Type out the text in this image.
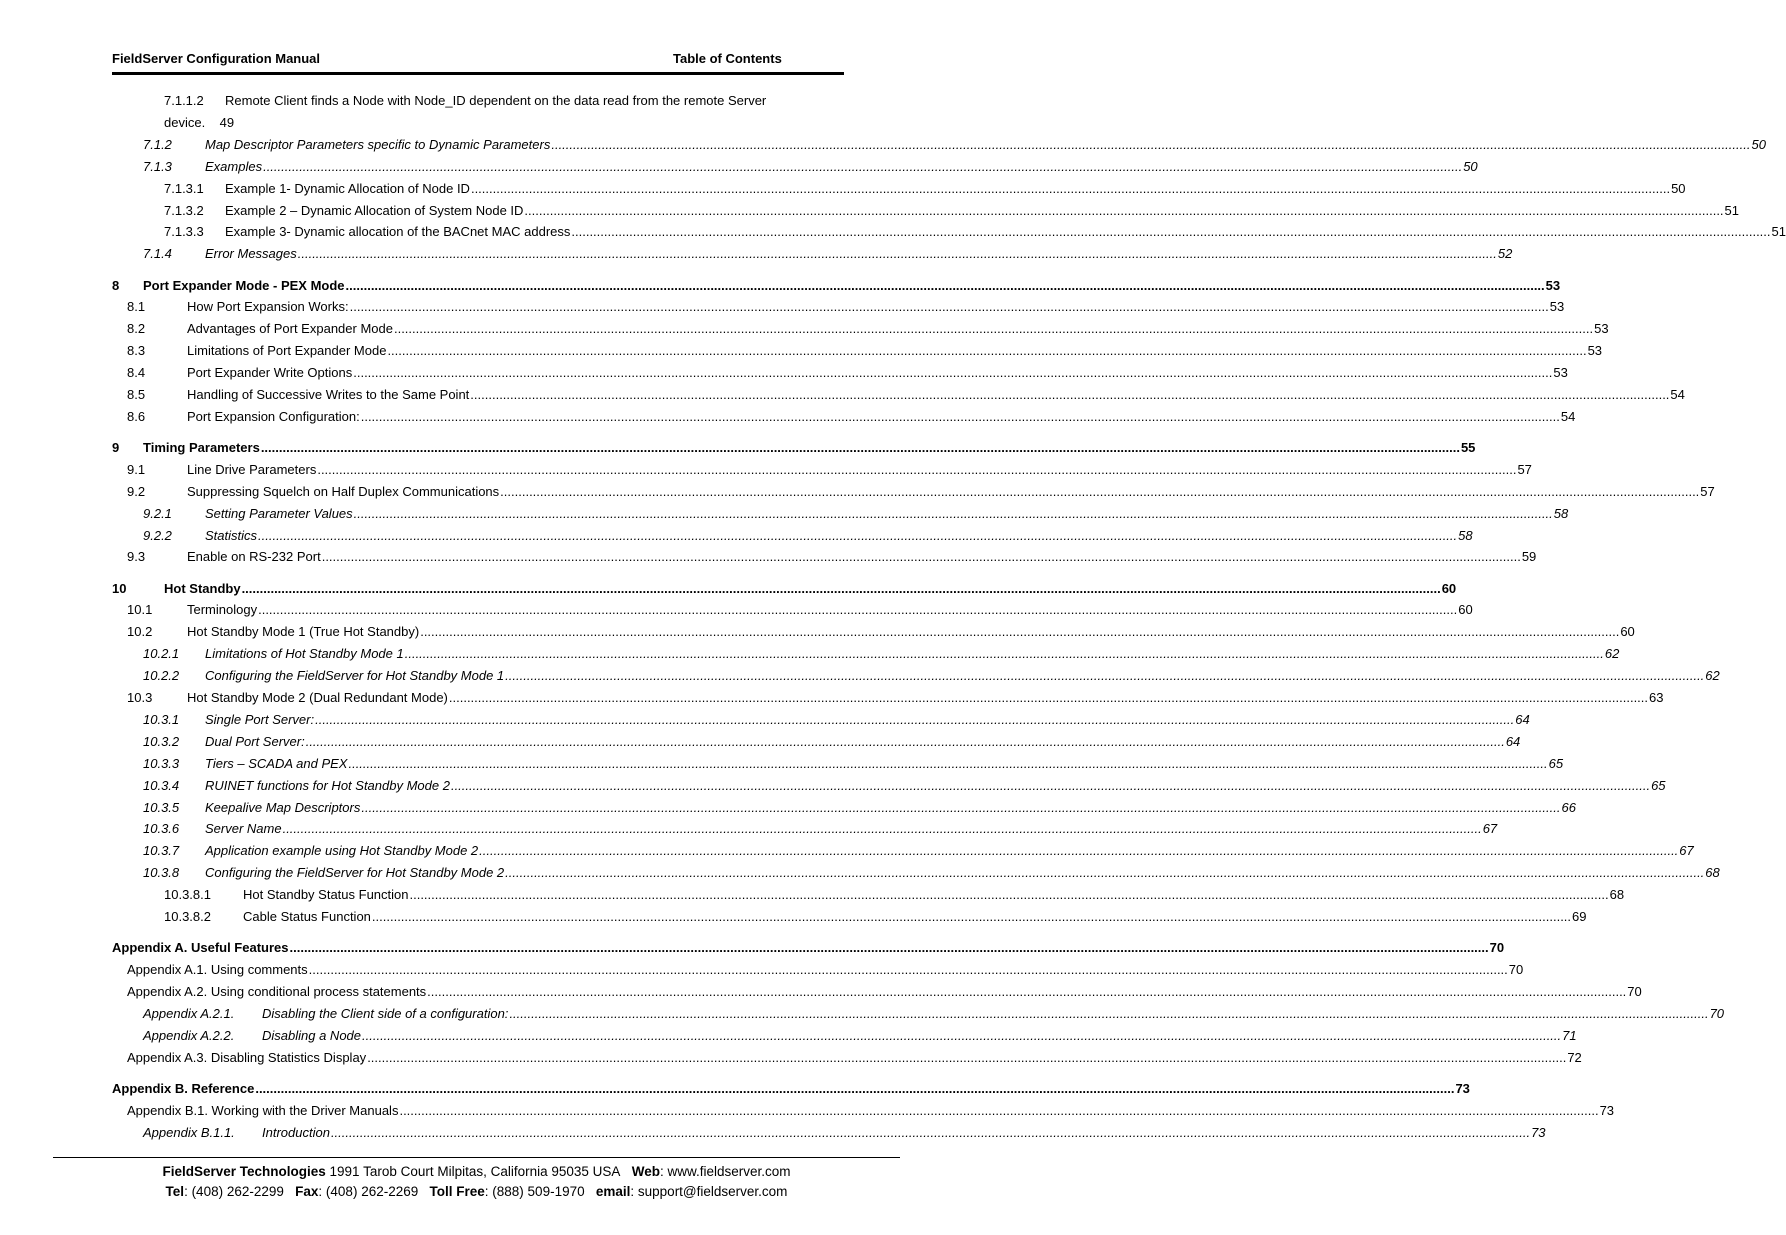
FieldServer Configuration Manual	Table of Contents
7.1.1.2 Remote Client finds a Node with Node_ID dependent on the data read from the remote Server device. 49
7.1.2	Map Descriptor Parameters specific to Dynamic Parameters .....	50
7.1.3	Examples .....	50
7.1.3.1	Example 1- Dynamic Allocation of Node ID .....	50
7.1.3.2	Example 2 – Dynamic Allocation of System Node ID .....	51
7.1.3.3	Example 3- Dynamic allocation of the BACnet MAC address .....	51
7.1.4	Error Messages .....	52
8	Port Expander Mode - PEX Mode .....	53
8.1	How Port Expansion Works: .....	53
8.2	Advantages of Port Expander Mode .....	53
8.3	Limitations of Port Expander Mode .....	53
8.4	Port Expander Write Options .....	53
8.5	Handling of Successive Writes to the Same Point .....	54
8.6	Port Expansion Configuration: .....	54
9	Timing Parameters .....	55
9.1	Line Drive Parameters .....	57
9.2	Suppressing Squelch on Half Duplex Communications .....	57
9.2.1	Setting Parameter Values .....	58
9.2.2	Statistics .....	58
9.3	Enable on RS-232 Port .....	59
10	Hot Standby .....	60
10.1	Terminology .....	60
10.2	Hot Standby Mode 1 (True Hot Standby) .....	60
10.2.1	Limitations of Hot Standby Mode 1 .....	62
10.2.2	Configuring the FieldServer for Hot Standby Mode 1 .....	62
10.3	Hot Standby Mode 2 (Dual Redundant Mode) .....	63
10.3.1	Single Port Server: .....	64
10.3.2	Dual Port Server: .....	64
10.3.3	Tiers – SCADA and PEX .....	65
10.3.4	RUINET functions for Hot Standby Mode 2 .....	65
10.3.5	Keepalive Map Descriptors .....	66
10.3.6	Server Name .....	67
10.3.7	Application example using Hot Standby Mode 2 .....	67
10.3.8	Configuring the FieldServer for Hot Standby Mode 2 .....	68
10.3.8.1	Hot Standby Status Function .....	68
10.3.8.2	Cable Status Function .....	69
Appendix A. Useful Features .....	70
Appendix A.1. Using comments .....	70
Appendix A.2. Using conditional process statements .....	70
Appendix A.2.1.	Disabling the Client side of a configuration: .....	70
Appendix A.2.2.	Disabling a Node .....	71
Appendix A.3. Disabling Statistics Display .....	72
Appendix B. Reference .....	73
Appendix B.1. Working with the Driver Manuals .....	73
Appendix B.1.1.	Introduction .....	73
FieldServer Technologies 1991 Tarob Court Milpitas, California 95035 USA Web: www.fieldserver.com
Tel: (408) 262-2299 Fax: (408) 262-2269 Toll Free: (888) 509-1970 email: support@fieldserver.com
